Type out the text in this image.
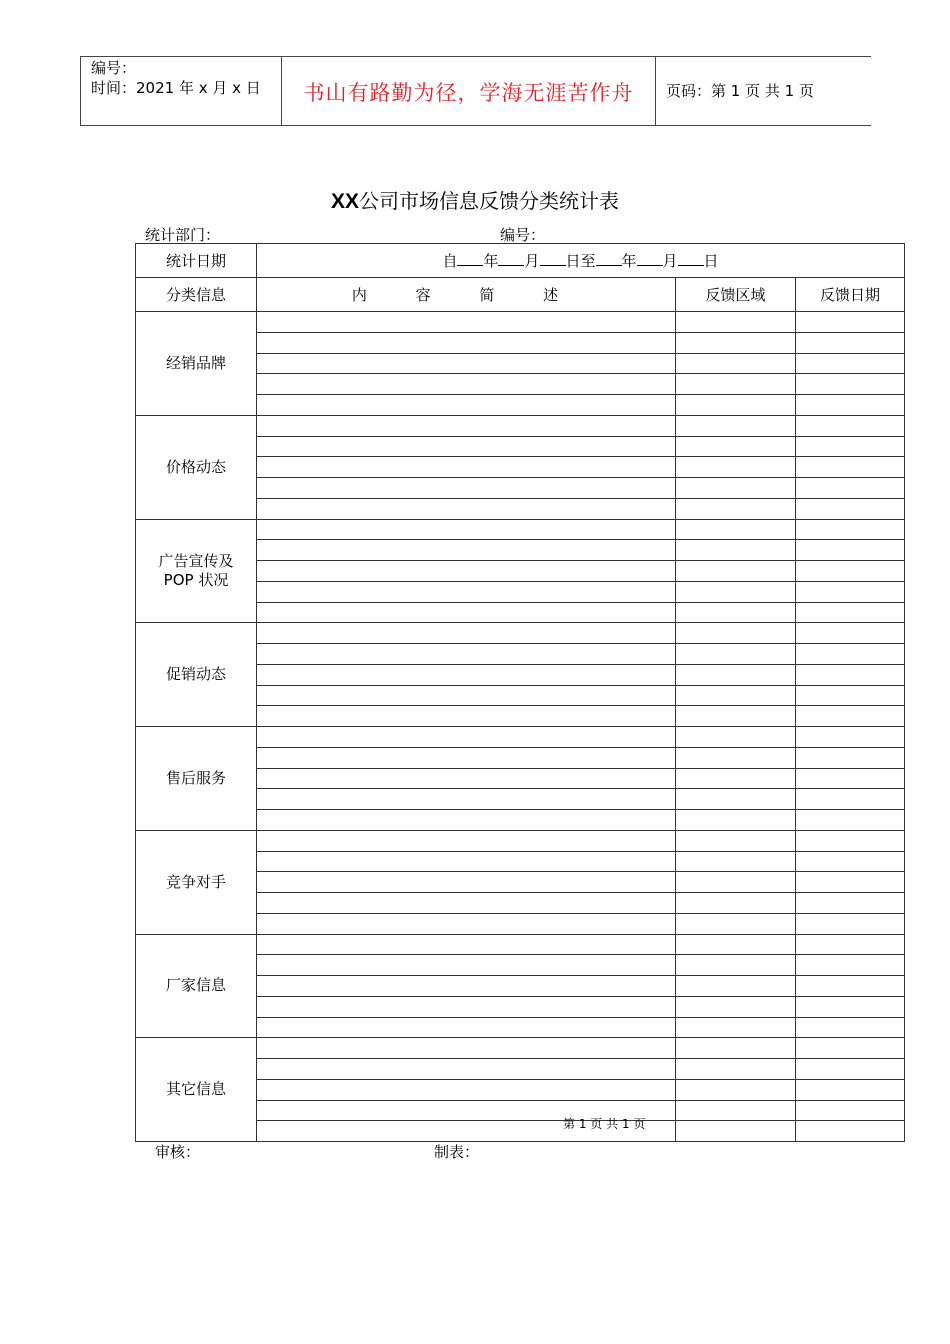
编号：
时间：2021 年 x 月 x 日	书山有路勤为径，学海无涯苦作舟	页码：第 1 页 共 1 页
XX公司市场信息反馈分类统计表
统计部门：	编号：
统计日期	自 年 月 日至 年 月 日		
分类信息	内 容 简 述	反馈区域	反馈日期

经销品牌			

价格动态			

广告宣传及
POP 状况			

促销动态			

售后服务			

竞争对手			

厂家信息			

其它信息			

第 1 页 共 1 页
审核：	制表：
